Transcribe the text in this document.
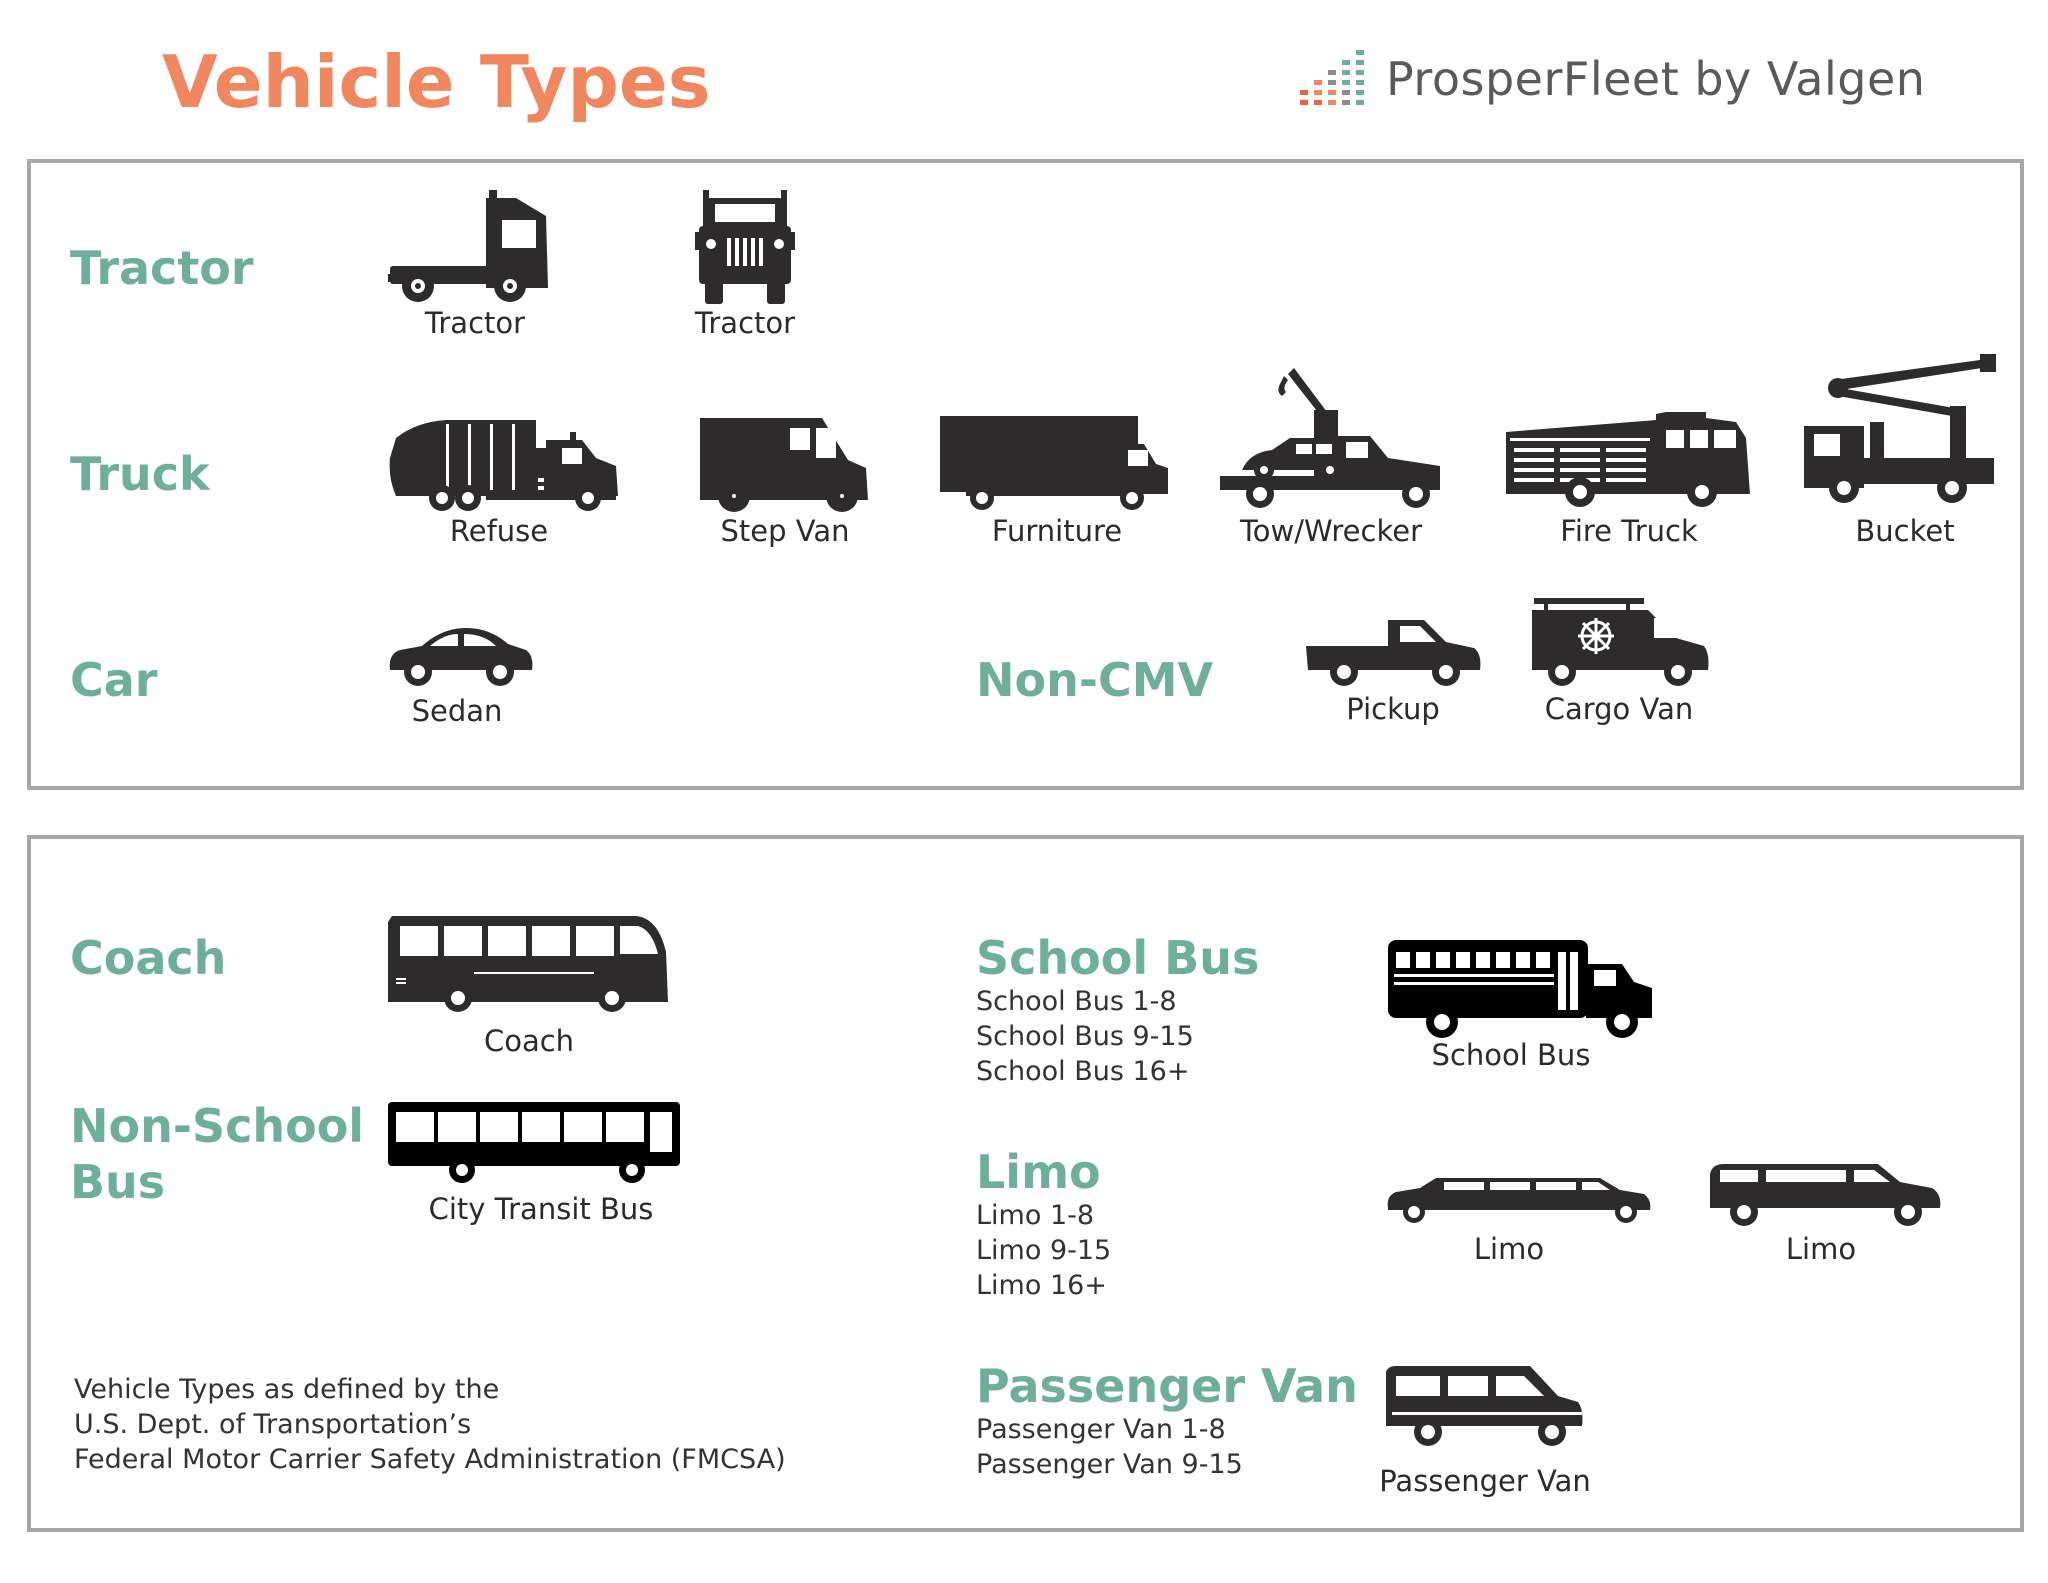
Vehicle Types	ProsperFleet by Valgen
Tractor
Truck
Car	Non-CMV
Tractor	Tractor
Refuse	Step Van	Furniture	Tow/Wrecker	Fire Truck	Bucket
Sedan	Pickup	Cargo Van
Coach
Non-School
Bus
School Bus
School Bus 1-8
School Bus 9-15
School Bus 16+
Limo
Limo 1-8
Limo 9-15
Limo 16+
Passenger Van
Passenger Van 1-8
Passenger Van 9-15
Coach
City Transit Bus
School Bus
Limo	Limo
Passenger Van
Vehicle Types as defined by the
U.S. Dept. of Transportation’s
Federal Motor Carrier Safety Administration (FMCSA)
